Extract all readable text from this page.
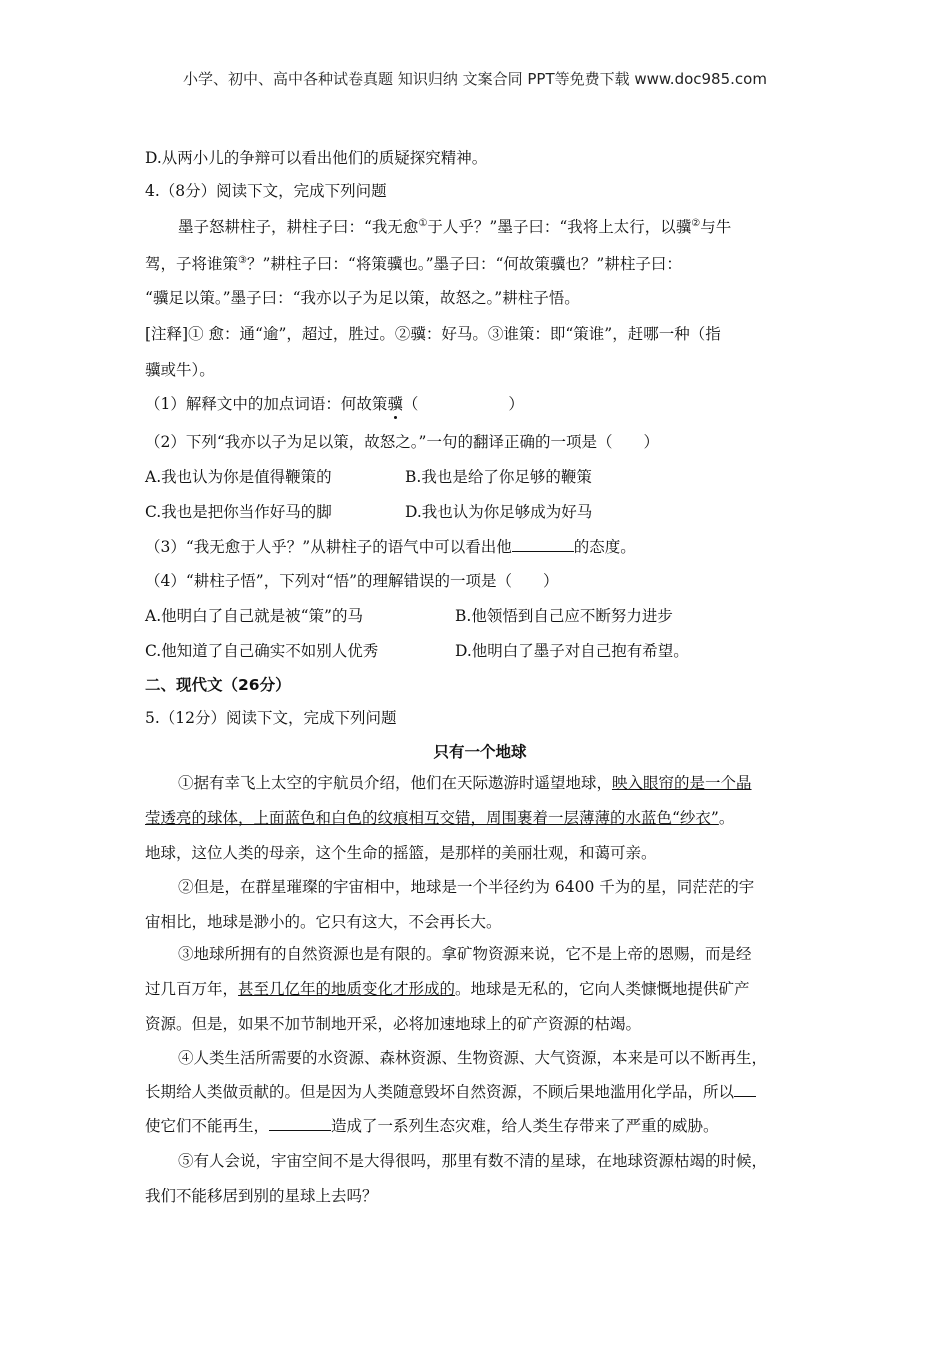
小学、初中、高中各种试卷真题 知识归纳 文案合同 PPT等免费下载 www.doc985.com
D.从两小儿的争辩可以看出他们的质疑探究精神。
4.（8分）阅读下文，完成下列问题
墨子怒耕柱子，耕柱子曰：“我无愈①于人乎？”墨子曰：“我将上太行，以骥②与牛
驾，子将谁策③？”耕柱子曰：“将策骥也。”墨子曰：“何故策骥也？”耕柱子曰：
“骥足以策。”墨子曰：“我亦以子为足以策，故怒之。”耕柱子悟。
[注释]① 愈：通“逾”，超过，胜过。②骥：好马。③谁策：即“策谁”，赶哪一种（指
骥或牛）。
（1）解释文中的加点词语：何故策骥（	）
（2）下列“我亦以子为足以策，故怒之。”一句的翻译正确的一项是（　　）
A.我也认为你是值得鞭策的	B.我也是给了你足够的鞭策
C.我也是把你当作好马的脚	D.我也认为你足够成为好马
（3）“我无愈于人乎？”从耕柱子的语气中可以看出他	的态度。
（4）“耕柱子悟”，下列对“悟”的理解错误的一项是（　　）
A.他明白了自己就是被“策”的马	B.他领悟到自己应不断努力进步
C.他知道了自己确实不如别人优秀	D.他明白了墨子对自己抱有希望。
二、现代文（26分）
5.（12分）阅读下文，完成下列问题
只有一个地球
①据有幸飞上太空的宇航员介绍，他们在天际遨游时遥望地球，映入眼帘的是一个晶
莹透亮的球体，上面蓝色和白色的纹痕相互交错，周围裹着一层薄薄的水蓝色“纱衣”。
地球，这位人类的母亲，这个生命的摇篮，是那样的美丽壮观，和蔼可亲。
②但是，在群星璀璨的宇宙相中，地球是一个半径约为 6400 千为的星，同茫茫的宇
宙相比，地球是渺小的。它只有这大，不会再长大。
③地球所拥有的自然资源也是有限的。拿矿物资源来说，它不是上帝的恩赐，而是经
过几百万年，甚至几亿年的地质变化才形成的。地球是无私的，它向人类慷慨地提供矿产
资源。但是，如果不加节制地开采，必将加速地球上的矿产资源的枯竭。
④人类生活所需要的水资源、森林资源、生物资源、大气资源，本来是可以不断再生，
长期给人类做贡献的。但是因为人类随意毁坏自然资源，不顾后果地滥用化学品，所以
使它们不能再生，	造成了一系列生态灾难，给人类生存带来了严重的威胁。
⑤有人会说，宇宙空间不是大得很吗，那里有数不清的星球，在地球资源枯竭的时候，
我们不能移居到别的星球上去吗？
